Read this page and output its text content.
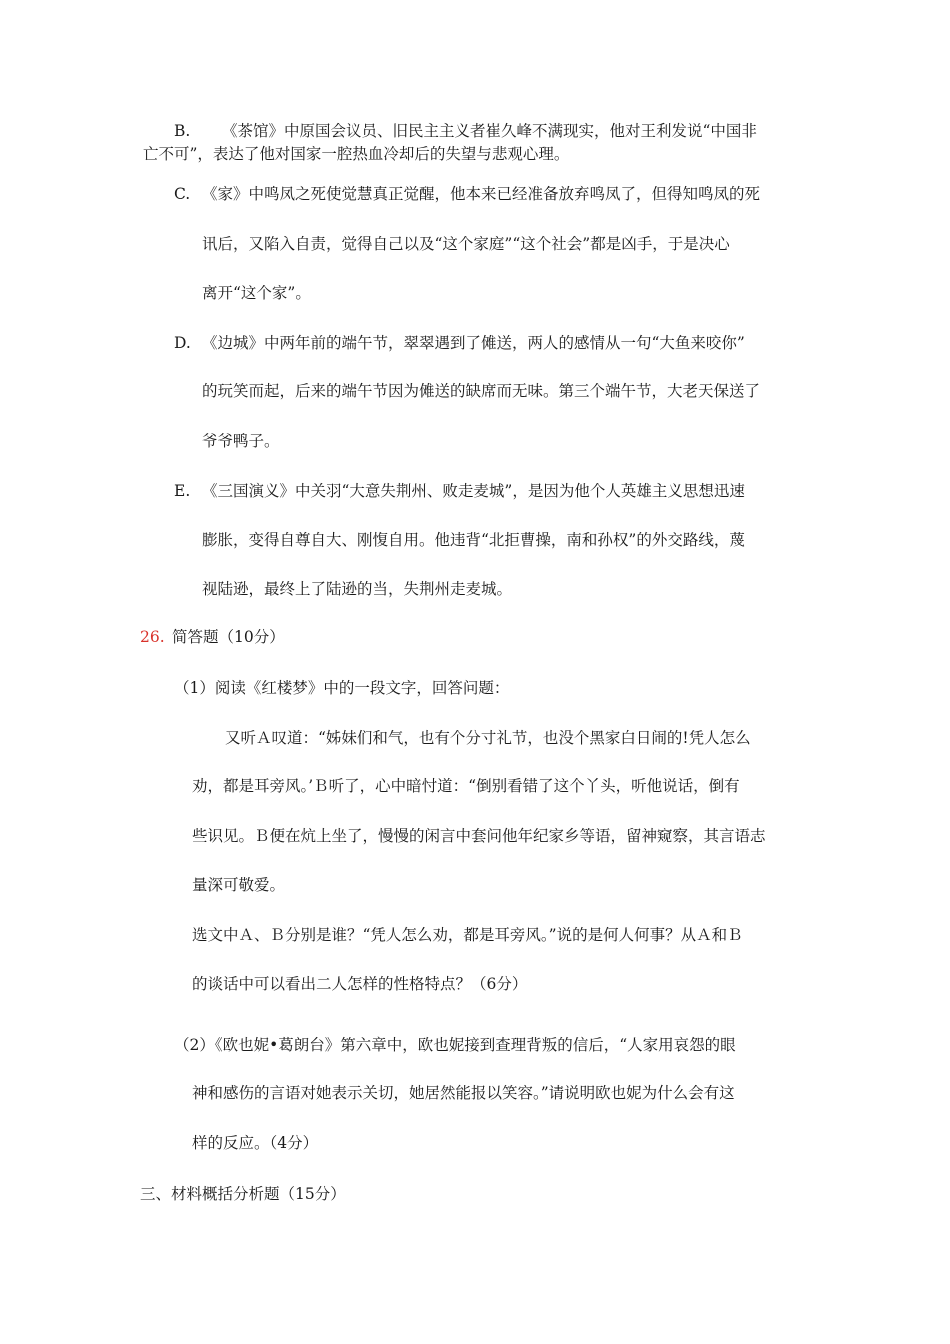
B. 《茶馆》中原国会议员、旧民主主义者崔久峰不满现实，他对王利发说“中国非
亡不可”，表达了他对国家一腔热血冷却后的失望与悲观心理。
C. 《家》中鸣凤之死使觉慧真正觉醒，他本来已经准备放弃鸣凤了，但得知鸣凤的死
讯后，又陷入自责，觉得自己以及“这个家庭”“这个社会”都是凶手，于是决心
离开“这个家”。
D. 《边城》中两年前的端午节，翠翠遇到了傩送，两人的感情从一句“大鱼来咬你”
的玩笑而起，后来的端午节因为傩送的缺席而无味。第三个端午节，大老天保送了
爷爷鸭子。
E. 《三国演义》中关羽“大意失荆州、败走麦城”，是因为他个人英雄主义思想迅速
膨胀，变得自尊自大、刚愎自用。他违背“北拒曹操，南和孙权”的外交路线，蔑
视陆逊，最终上了陆逊的当，失荆州走麦城。
26. 简答题（10分）
（1）阅读《红楼梦》中的一段文字，回答问题：
又听Ａ叹道：“姊妹们和气，也有个分寸礼节，也没个黑家白日闹的!凭人怎么
劝，都是耳旁风。’Ｂ听了，心中暗忖道：“倒别看错了这个丫头，听他说话，倒有
些识见。Ｂ便在炕上坐了，慢慢的闲言中套问他年纪家乡等语，留神窥察，其言语志
量深可敬爱。
选文中Ａ、Ｂ分别是谁？“凭人怎么劝，都是耳旁风。”说的是何人何事？从Ａ和Ｂ
的谈话中可以看出二人怎样的性格特点？（6分）
（2）《欧也妮•葛朗台》第六章中，欧也妮接到查理背叛的信后，“人家用哀怨的眼
神和感伤的言语对她表示关切，她居然能报以笑容。”请说明欧也妮为什么会有这
样的反应。（4分）
三、材料概括分析题（15分）
